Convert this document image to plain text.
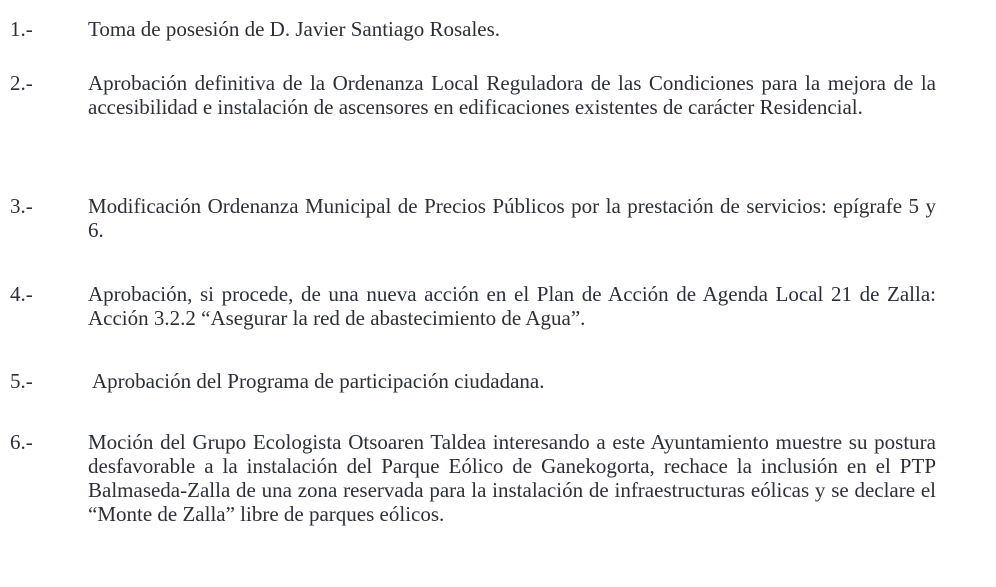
1.-	Toma de posesión de D. Javier Santiago Rosales.
2.-	Aprobación definitiva de la Ordenanza Local Reguladora de las Condiciones para la mejora de la accesibilidad e instalación de ascensores en edificaciones existentes de carácter Residencial.
3.-	Modificación Ordenanza Municipal de Precios Públicos por la prestación de servicios: epígrafe 5 y 6.
4.-	Aprobación, si procede, de una nueva acción en el Plan de Acción de Agenda Local 21 de Zalla: Acción 3.2.2 “Asegurar la red de abastecimiento de Agua”.
5.-	Aprobación del Programa de participación ciudadana.
6.-	Moción del Grupo Ecologista Otsoaren Taldea interesando a este Ayuntamiento muestre su postura desfavorable a la instalación del Parque Eólico de Ganekogorta, rechace la inclusión en el PTP Balmaseda-Zalla de una zona reservada para la instalación de infraestructuras eólicas y se declare el “Monte de Zalla” libre de parques eólicos.
